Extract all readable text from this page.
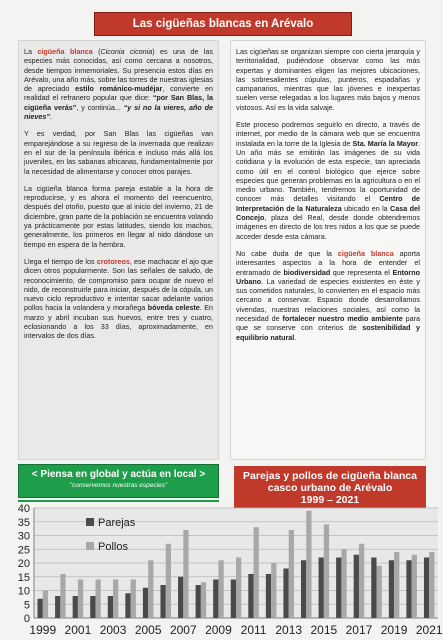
Las cigüeñas blancas en Arévalo

La cigüeña blanca (Ciconia ciconia) es una de las especies más conocidas, así como cercana a nosotros, desde tiempos inmemoriales. Su presencia estos días en Arévalo, una año más, sobre las torres de nuestras iglesias de apreciado estilo románico-mudéjar, convierte en realidad el refranero popular que dice: “por San Blas, la cigüeña verás”, y continúa... “y si no la vieres, año de nieves”.

Y es verdad, por San Blas las cigüeñas van emparejándose a su regreso de la invernada que realizan en el sur de la península ibérica e incluso más allá los juveniles, en las sabanas africanas, fundamentalmente por la necesidad de alimentarse y conocer otros parajes.

La cigüeña blanca forma pareja estable a la hora de reproducirse, y es ahora el momento del reencuentro, después del otoño, puesto que al inicio del invierno, 21 de diciembre, gran parte de la población se encuentra volando ya prácticamente por estas latitudes, siendo los machos, generalmente, los primeros en llegar al nido dándose un tiempo en espera de la hembra.

Llega el tiempo de los crotoreos, ese machacar el ajo que dicen otros popularmente. Son las señales de saludo, de reconocimiento, de compromiso para ocupar de nuevo el nido, de reconstruirle para iniciar, después de la cópula, un nuevo ciclo reproductivo e intentar sacar adelante varios pollos hacia la volandera y morañega bóveda celeste. En marzo y abril incuban sus huevos, entre tres y cuatro, eclosionando a los 33 días, aproximadamente, en intervalos de dos días.

Las cigüeñas se organizan siempre con cierta jerarquía y territorialidad, pudiéndose observar como las más expertas y dominantes eligen las mejores ubicaciones, las sobresalientes cúpulas, punteros, espadañas y campanarios, mientras que las jóvenes e inexpertas suelen verse relegadas a los lugares más bajos y menos vistosos. Así es la vida salvaje.

Este proceso podremos seguirlo en directo, a través de internet, por medio de la cámara web que se encuentra instalada en la torre de la Iglesia de Sta. María la Mayor. Un año más se emitirán las imágenes de su vida cotidiana y la evolución de esta especie, tan apreciada como útil en el control biológico que ejerce sobre especies que generan problemas en la agricultura o en el medio urbano. También, tendremos la oportunidad de conocer más detalles visitando el Centro de Interpretación de la Naturaleza ubicado en la Casa del Concejo, plaza del Real, desde donde obtendremos imágenes en directo de los tres nidos a los que se puede acceder desde esta cámara.

No cabe duda de que la cigüeña blanca aporta interesantes aspectos a la hora de entender el entramado de biodiversidad que representa el Entorno Urbano. La variedad de especies existentes en éste y sus cometidos naturales, lo convierten en el espacio más cercano a conservar. Espacio donde desarrollamos vivendas, nuestras relaciones sociales, así como la necesidad de fortalecer nuestro medio ambiente para que se conserve con criterios de sostenibilidad y equilibrio natural.

< Piensa en global y actúa en local >
"conservemos nuestras especies"
Parejas y pollos de cigüeña blanca
casco urbano de Arévalo
1999 – 2021
0
5
10
15
20
25
30
35
40
1999 2001 2003 2005 2007 2009 2011 2013 2015 2017 2019 2021
Parejas
Pollos
